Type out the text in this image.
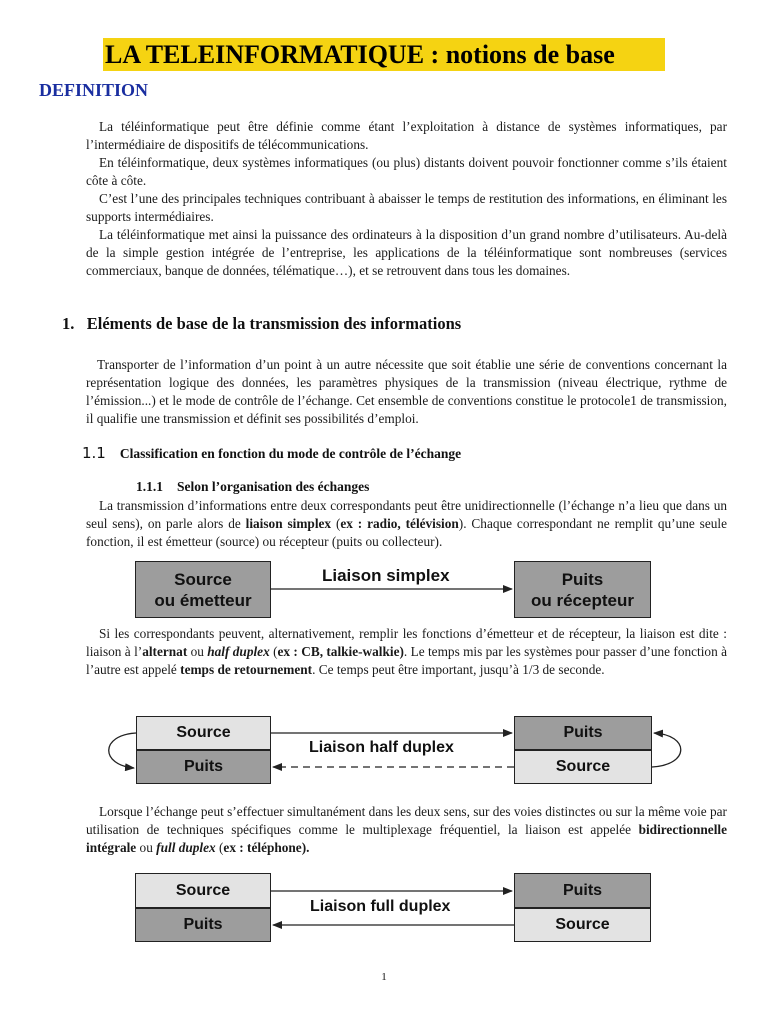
LA TELEINFORMATIQUE : notions de base
DEFINITION

La téléinformatique peut être définie comme étant l’exploitation à distance de systèmes informatiques, par l’intermédiaire de dispositifs de télécommunications.

En téléinformatique, deux systèmes informatiques (ou plus) distants doivent pouvoir fonctionner comme s’ils étaient côte à côte.

C’est l’une des principales techniques contribuant à abaisser le temps de restitution des informations, en éliminant les supports intermédiaires.

La téléinformatique met ainsi la puissance des ordinateurs à la disposition d’un grand nombre d’utilisateurs. Au-delà de la simple gestion intégrée de l’entreprise, les applications de la téléinformatique sont nombreuses (services commerciaux, banque de données, télématique…), et se retrouvent dans tous les domaines.

1. Eléments de base de la transmission des informations

Transporter de l’information d’un point à un autre nécessite que soit établie une série de conventions concernant la représentation logique des données, les paramètres physiques de la transmission (niveau électrique, rythme de l’émission...) et le mode de contrôle de l’échange. Cet ensemble de conventions constitue le protocole1 de transmission, il qualifie une transmission et définit ses possibilités d’emploi.

1.1 Classification en fonction du mode de contrôle de l’échange
1.1.1 Selon l’organisation des échanges

La transmission d’informations entre deux correspondants peut être unidirectionnelle (l’échange n’a lieu que dans un seul sens), on parle alors de liaison simplex (ex : radio, télévision). Chaque correspondant ne remplit qu’une seule fonction, il est émetteur (source) ou récepteur (puits ou collecteur).

Source
ou émetteur
Puits
ou récepteur
Liaison simplex

Si les correspondants peuvent, alternativement, remplir les fonctions d’émetteur et de récepteur, la liaison est dite : liaison à l’alternat ou half duplex (ex : CB, talkie-walkie). Le temps mis par les systèmes pour passer d’une fonction à l’autre est appelé temps de retournement. Ce temps peut être important, jusqu’à 1/3 de seconde.

Source
Puits
Puits
Source
Liaison half duplex

Lorsque l’échange peut s’effectuer simultanément dans les deux sens, sur des voies distinctes ou sur la même voie par utilisation de techniques spécifiques comme le multiplexage fréquentiel, la liaison est appelée bidirectionnelle intégrale ou full duplex (ex : téléphone).

Source
Puits
Puits
Source
Liaison full duplex
1
